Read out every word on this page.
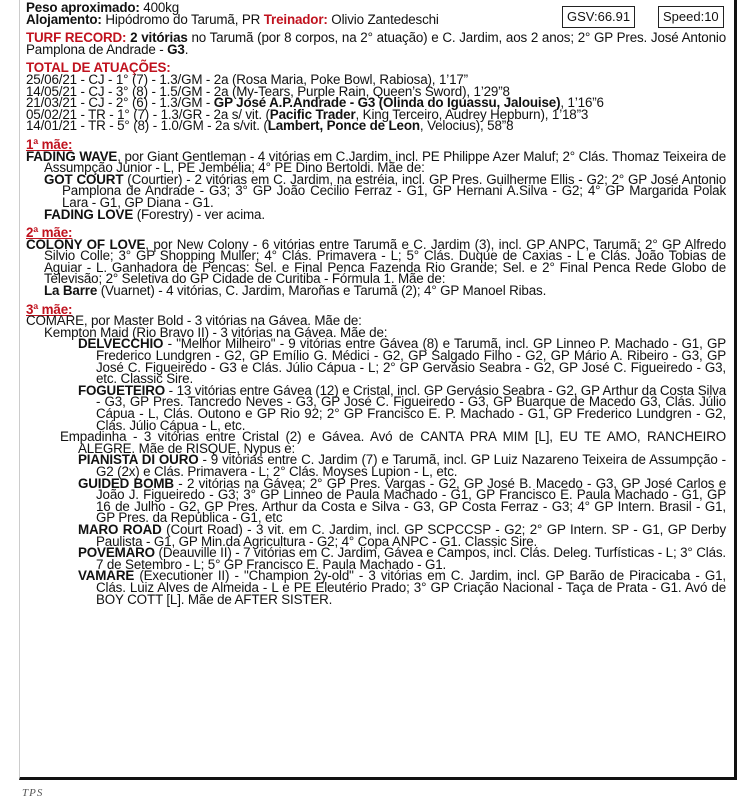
Peso aproximado: 400kg
Alojamento: Hipódromo do Tarumã, PR Treinador: Olivio Zantedeschi
TURF RECORD: 2 vitórias no Tarumã (por 8 corpos, na 2° atuação) e C. Jardim, aos 2 anos; 2° GP Pres. José Antonio Pamplona de Andrade - G3.
TOTAL DE ATUAÇÕES:
25/06/21 - CJ - 1° (7) - 1.3/GM - 2a (Rosa Maria, Poke Bowl, Rabiosa), 1’17”
14/05/21 - CJ - 3° (8) - 1.5/GM - 2a (My-Tears, Purple Rain, Queen’s Sword), 1’29”8
21/03/21 - CJ - 2° (6) - 1.3/GM - GP José A.P.Andrade - G3 (Olinda do Iguassu, Jalouise), 1’16”6
05/02/21 - TR - 1° (7) - 1.3/GR - 2a s/ vit. (Pacific Trader, King Terceiro, Audrey Hepburn), 1’18”3
14/01/21 - TR - 5° (8) - 1.0/GM - 2a s/vit. (Lambert, Ponce de Leon, Velocius), 58”8
1ª mãe:
FADING WAVE, por Giant Gentleman - 4 vitórias em C.Jardim, incl. PE Philippe Azer Maluf; 2° Clás. Thomaz Teixeira de Assumpção Junior - L, PE Jembélia; 4° PE Dino Bertoldi. Mãe de:
GOT COURT (Courtier) - 2 vitórias em C. Jardim, na estréia, incl. GP Pres. Guilherme Ellis - G2; 2° GP José Antonio Pamplona de Andrade - G3; 3° GP João Cecilio Ferraz - G1, GP Hernani A.Silva - G2; 4° GP Margarida Polak Lara - G1, GP Diana - G1.
FADING LOVE (Forestry) - ver acima.
2ª mãe:
COLONY OF LOVE, por New Colony - 6 vitórias entre Tarumã e C. Jardim (3), incl. GP ANPC, Tarumã; 2° GP Alfredo Silvio Colle; 3° GP Shopping Muller; 4° Clás. Primavera - L; 5° Clás. Duque de Caxias - L e Clás. João Tobias de Aguiar - L. Ganhadora de Pencas: Sel. e Final Penca Fazenda Rio Grande; Sel. e 2° Final Penca Rede Globo de Televisão; 2° Seletiva do GP Cidade de Curitiba - Fórmula 1. Mãe de:
La Barre (Vuarnet) - 4 vitórias, C. Jardim, Maroñas e Tarumã (2); 4° GP Manoel Ribas.
3ª mãe:
COMARE, por Master Bold - 3 vitórias na Gávea. Mãe de:
Kempton Maid (Rio Bravo II) - 3 vitórias na Gávea. Mãe de:
DELVECCHIO - "Melhor Milheiro" - 9 vitórias entre Gávea (8) e Tarumã, incl. GP Linneo P. Machado - G1, GP Frederico Lundgren - G2, GP Emílio G. Médici - G2, GP Salgado Filho - G2, GP Mário A. Ribeiro - G3, GP José C. Figueiredo - G3 e Clás. Júlio Cápua - L; 2° GP Gervásio Seabra - G2, GP José C. Figueiredo - G3, etc. Classic Sire.
FOGUETEIRO - 13 vitórias entre Gávea (12) e Cristal, incl. GP Gervásio Seabra - G2, GP Arthur da Costa Silva - G3, GP Pres. Tancredo Neves - G3, GP José C. Figueiredo - G3, GP Buarque de Macedo G3, Clás. Júlio Cápua - L, Clás. Outono e GP Rio 92; 2° GP Francisco E. P. Machado - G1, GP Frederico Lundgren - G2, Clás. Júlio Cápua - L, etc.
Empadinha - 3 vitórias entre Cristal (2) e Gávea. Avó de CANTA PRA MIM [L], EU TE AMO, RANCHEIRO ALEGRE. Mãe de RISQUE, Nypus e:
PIANISTA DI OURO - 9 vitórias entre C. Jardim (7) e Tarumã, incl. GP Luiz Nazareno Teixeira de Assumpção - G2 (2x) e Clás. Primavera - L; 2° Clás. Moyses Lupion - L, etc.
GUIDED BOMB - 2 vitórias na Gávea; 2° GP Pres. Vargas - G2, GP José B. Macedo - G3, GP José Carlos e João J. Figueiredo - G3; 3° GP Linneo de Paula Machado - G1, GP Francisco E. Paula Machado - G1, GP 16 de Julho - G2, GP Pres. Arthur da Costa e Silva - G3, GP Costa Ferraz - G3; 4° GP Intern. Brasil - G1, GP Pres. da República - G1, etc
MARO ROAD (Court Road) - 3 vit. em C. Jardim, incl. GP SCPCCSP - G2; 2° GP Intern. SP - G1, GP Derby Paulista - G1, GP Min.da Agricultura - G2; 4° Copa ANPC - G1. Classic Sire.
POVEMARO (Deauville II) - 7 vitórias em C. Jardim, Gávea e Campos, incl. Clás. Deleg. Turfísticas - L; 3° Clás. 7 de Setembro - L; 5° GP Francisco E. Paula Machado - G1.
VAMARE (Executioner II) - "Champion 2y-old" - 3 vitórias em C. Jardim, incl. GP Barão de Piracicaba - G1, Clás. Luiz Alves de Almeida - L e PE Eleutério Prado; 3° GP Criação Nacional - Taça de Prata - G1. Avó de BOY COTT [L]. Mãe de AFTER SISTER.
GSV:66.91	Speed:10
TPS
